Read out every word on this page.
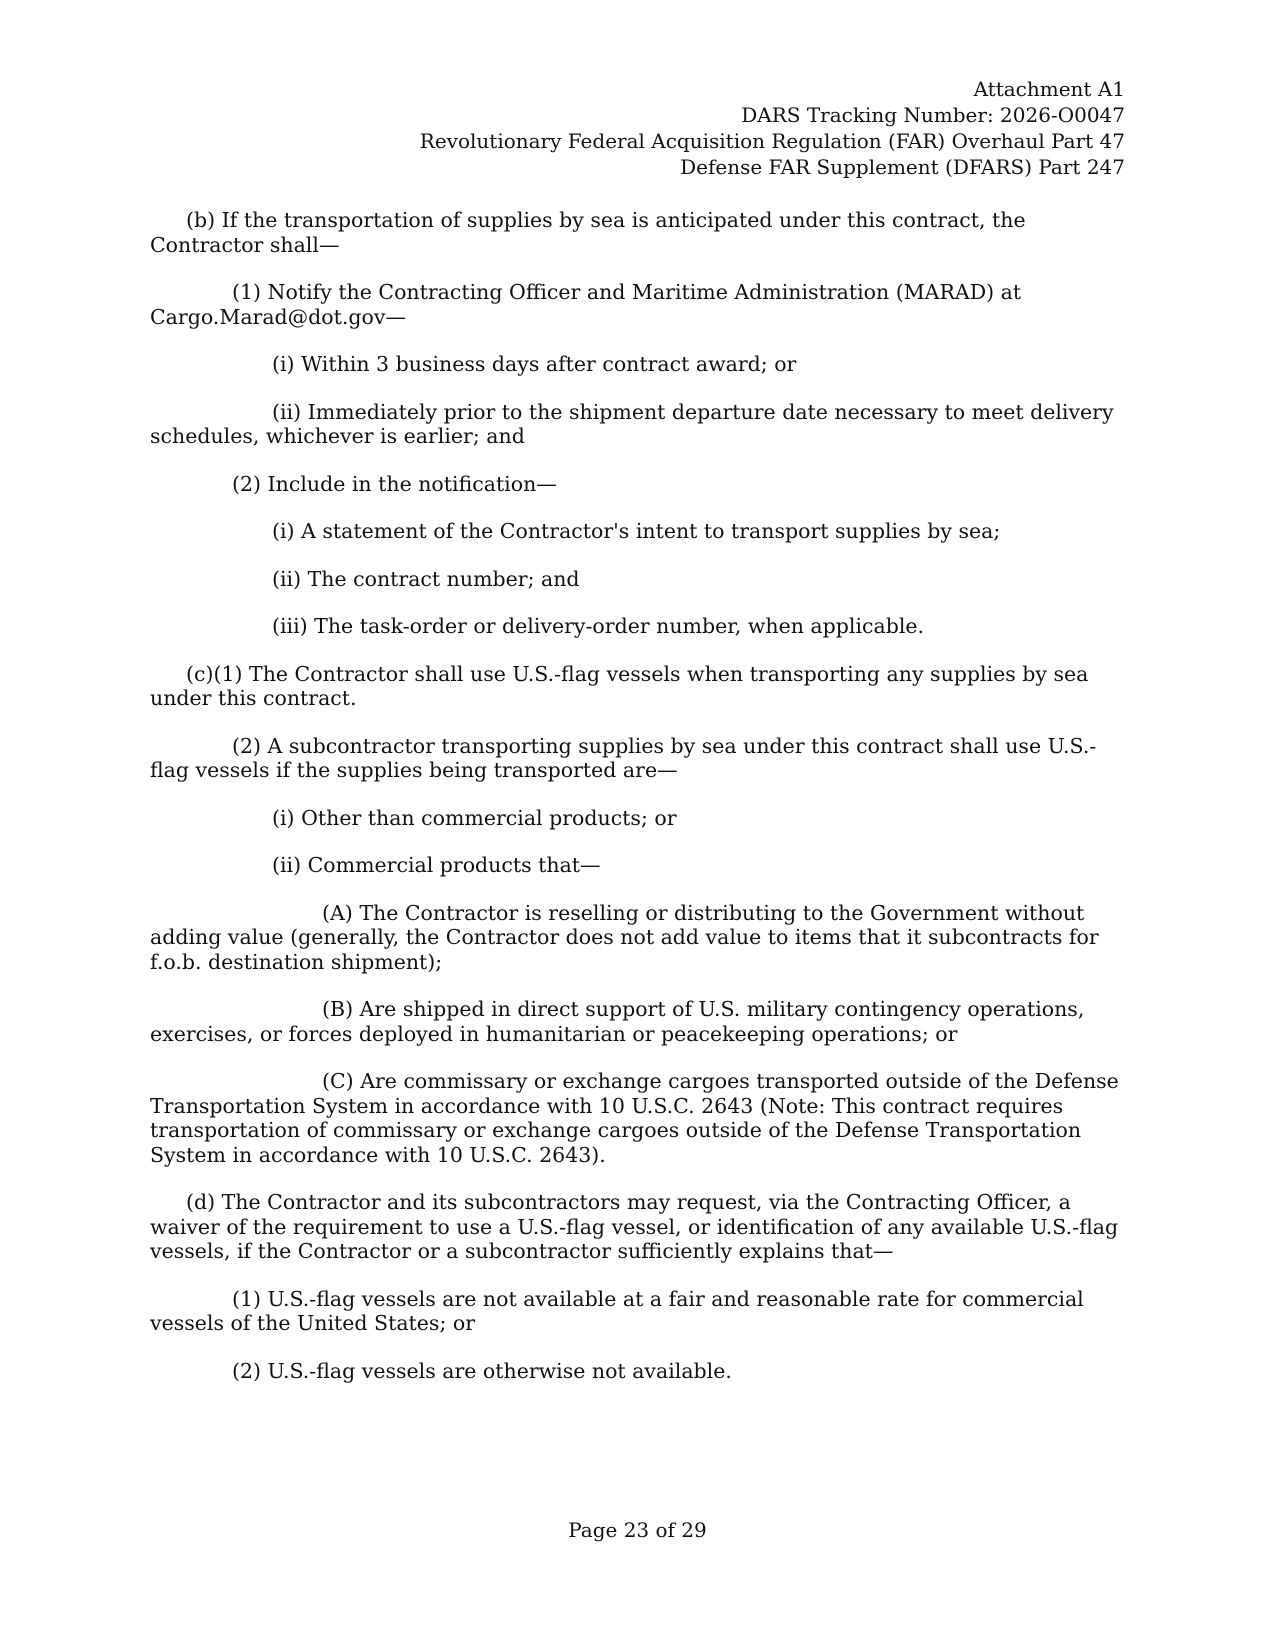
Attachment A1
DARS Tracking Number: 2026-O0047
Revolutionary Federal Acquisition Regulation (FAR) Overhaul Part 47
Defense FAR Supplement (DFARS) Part 247

(b) If the transportation of supplies by sea is anticipated under this contract, the Contractor shall—

(1) Notify the Contracting Officer and Maritime Administration (MARAD) at Cargo.Marad@dot.gov—

(i) Within 3 business days after contract award; or

(ii) Immediately prior to the shipment departure date necessary to meet delivery schedules, whichever is earlier; and

(2) Include in the notification—

(i) A statement of the Contractor's intent to transport supplies by sea;

(ii) The contract number; and

(iii) The task-order or delivery-order number, when applicable.

(c)(1) The Contractor shall use U.S.-flag vessels when transporting any supplies by sea under this contract.

(2) A subcontractor transporting supplies by sea under this contract shall use U.S.-flag vessels if the supplies being transported are—

(i) Other than commercial products; or

(ii) Commercial products that—

(A) The Contractor is reselling or distributing to the Government without adding value (generally, the Contractor does not add value to items that it subcontracts for f.o.b. destination shipment);

(B) Are shipped in direct support of U.S. military contingency operations, exercises, or forces deployed in humanitarian or peacekeeping operations; or

(C) Are commissary or exchange cargoes transported outside of the Defense Transportation System in accordance with 10 U.S.C. 2643 (Note: This contract requires transportation of commissary or exchange cargoes outside of the Defense Transportation System in accordance with 10 U.S.C. 2643).

(d) The Contractor and its subcontractors may request, via the Contracting Officer, a waiver of the requirement to use a U.S.-flag vessel, or identification of any available U.S.-flag vessels, if the Contractor or a subcontractor sufficiently explains that—

(1) U.S.-flag vessels are not available at a fair and reasonable rate for commercial vessels of the United States; or

(2) U.S.-flag vessels are otherwise not available.

Page 23 of 29
